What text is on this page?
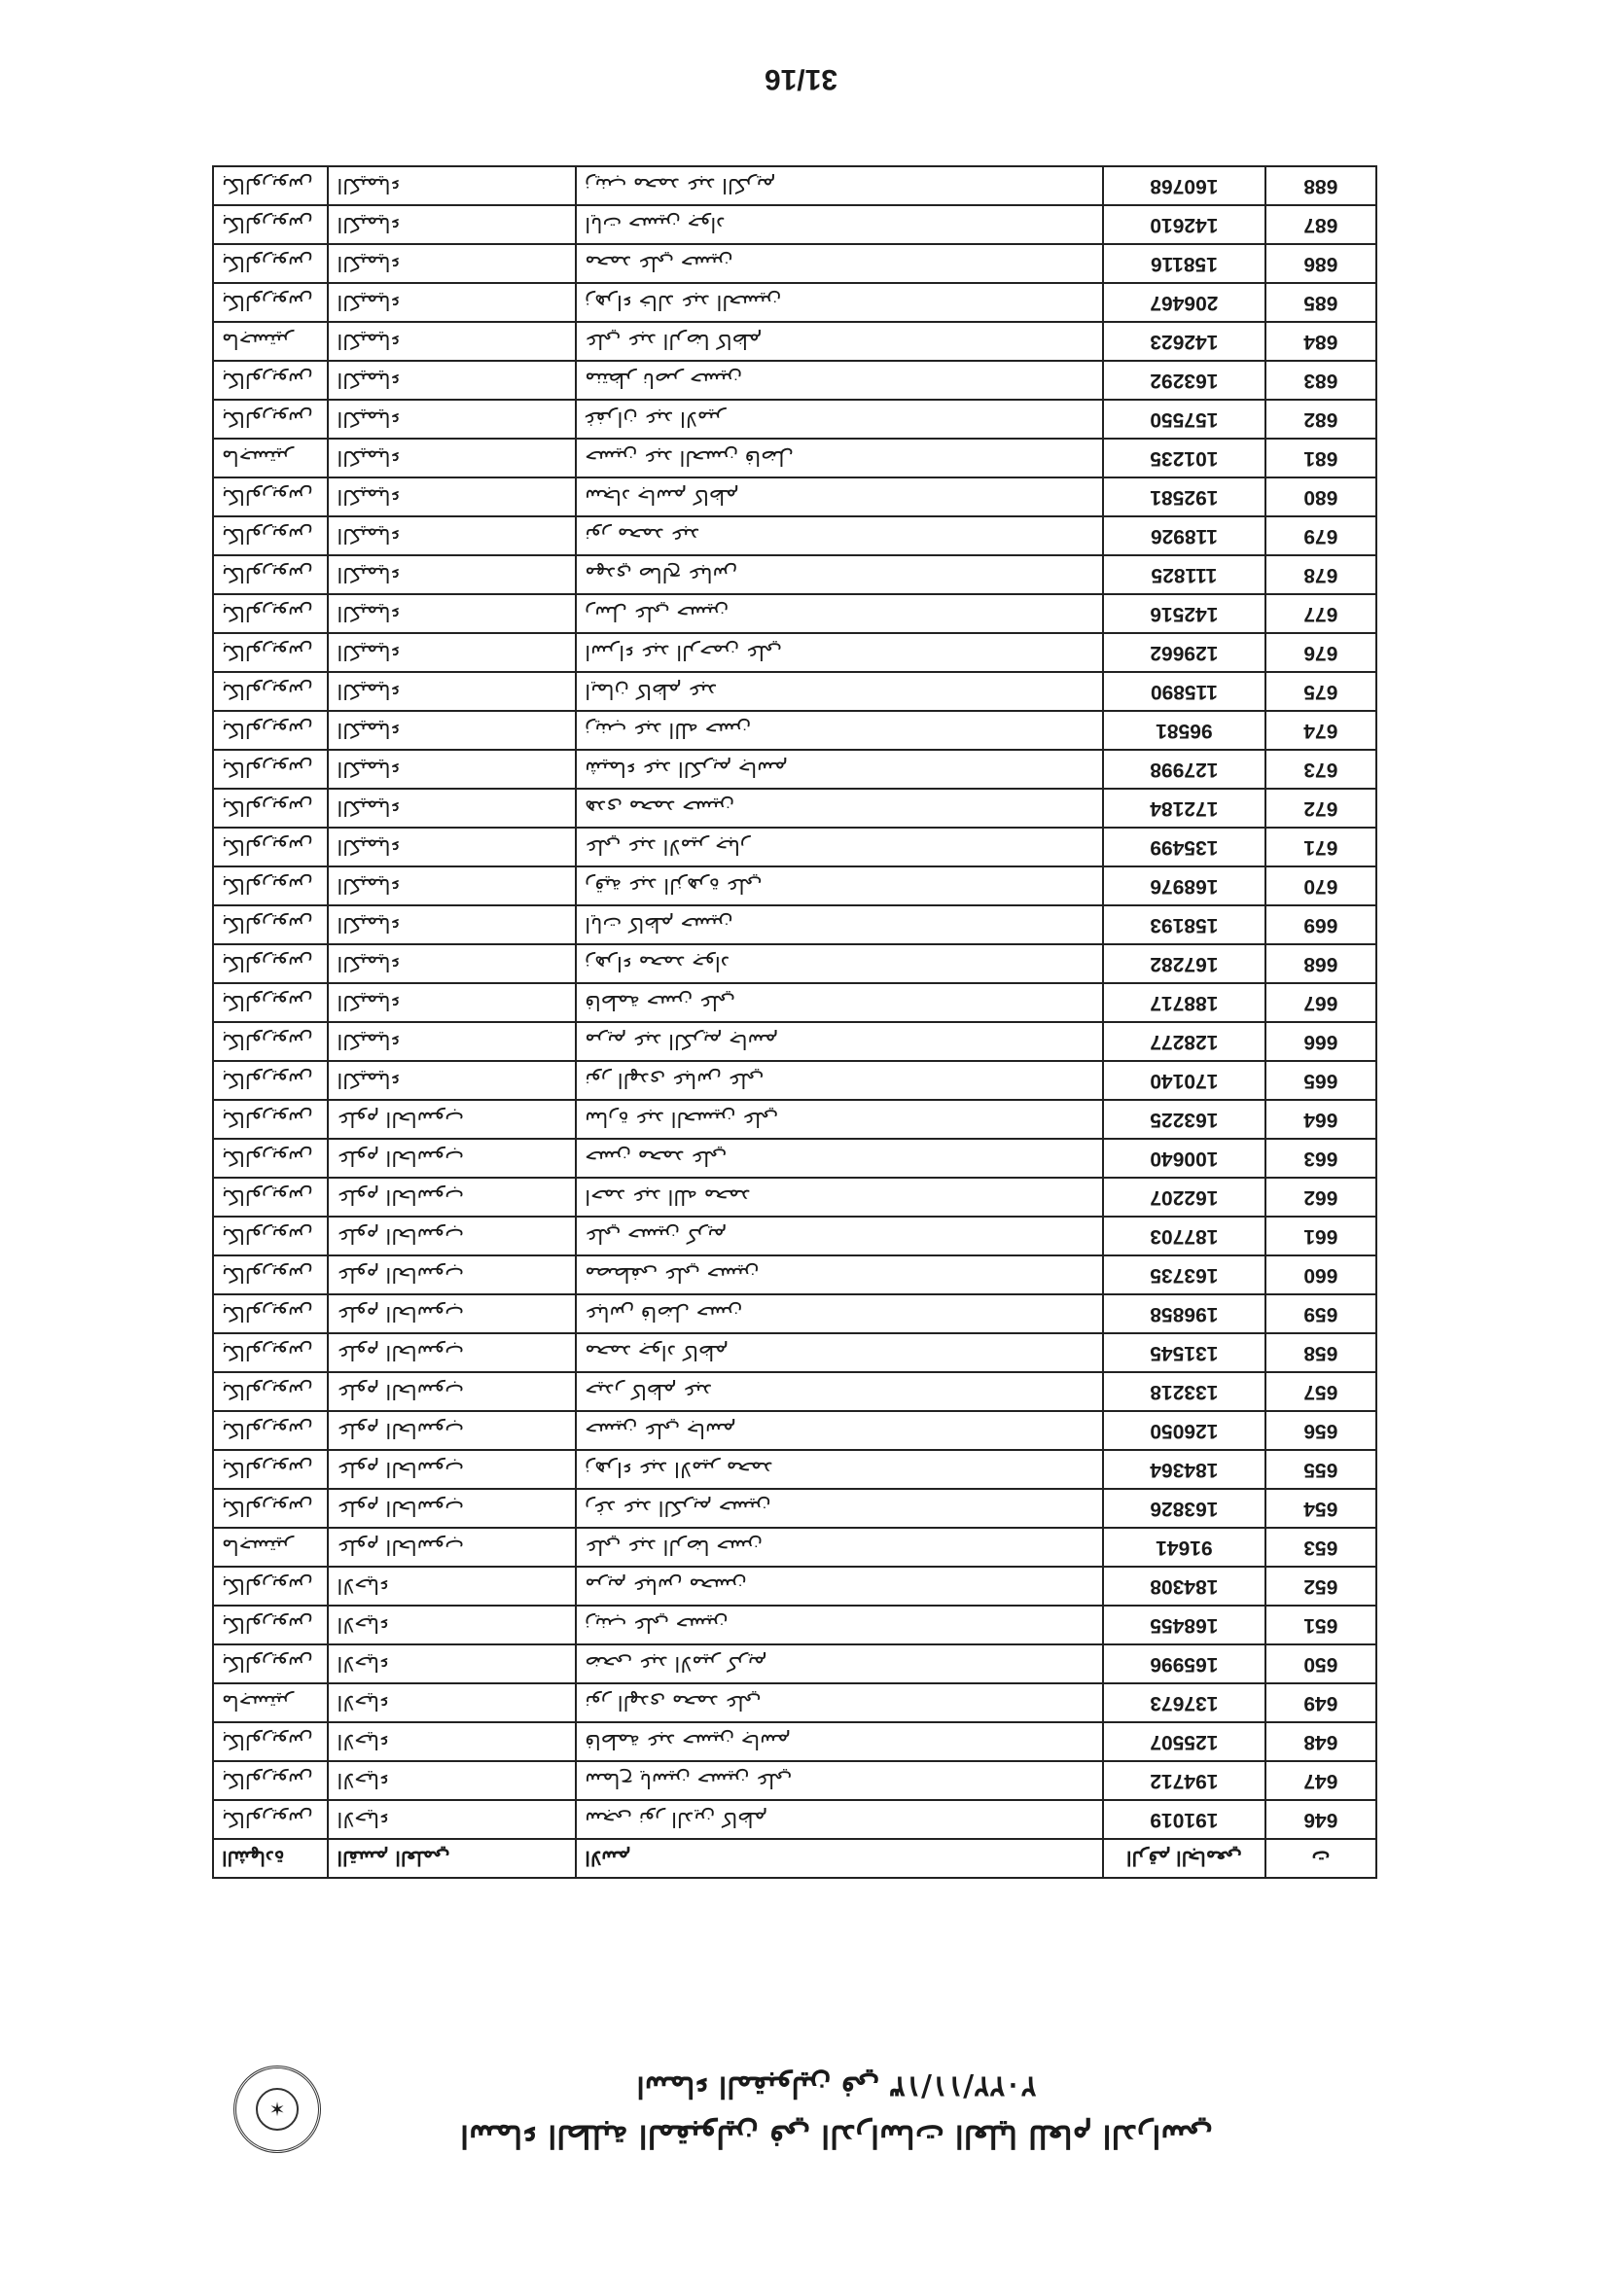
31/16
ت	الرقم الجامعي	الاسم	القسم العلمي	الشهادة
646	191019	سجى نور الدين كاظم	الاحياء	بكالوريوس
647	194712	سماح ياسين حسين علي	الاحياء	بكالوريوس
648	125507	فاطمة عبد حسين جاسم	الاحياء	بكالوريوس
649	137673	نور الهدى محمد علي	الاحياء	ماجستير
650	165996	ضحى عبد الامير كريم	الاحياء	بكالوريوس
651	168455	زينب علي حسين	الاحياء	بكالوريوس
652	184308	مريم عباس محسن	الاحياء	بكالوريوس
653	91641	علي عبد الرضا حسن	علوم الحاسوب	ماجستير
654	163826	رغد عبد الكريم حسين	علوم الحاسوب	بكالوريوس
655	184364	زهراء عبد الامير محمد	علوم الحاسوب	بكالوريوس
656	126050	حسين علي جاسم	علوم الحاسوب	بكالوريوس
657	133218	حيدر كاظم عبد	علوم الحاسوب	بكالوريوس
658	131545	محمد جواد كاظم	علوم الحاسوب	بكالوريوس
659	196858	عباس فاضل حسن	علوم الحاسوب	بكالوريوس
660	163735	مصطفى علي حسين	علوم الحاسوب	بكالوريوس
661	187703	علي حسين كريم	علوم الحاسوب	بكالوريوس
662	162207	احمد عبد الله محمد	علوم الحاسوب	بكالوريوس
663	100640	حسن محمد علي	علوم الحاسوب	بكالوريوس
664	163225	سارة عبد الحسين علي	علوم الحاسوب	بكالوريوس
665	170140	نور الهدى عباس علي	الكيمياء	بكالوريوس
666	128277	مريم عبد الكريم جاسم	الكيمياء	بكالوريوس
667	188717	فاطمة حسن علي	الكيمياء	بكالوريوس
668	167282	زهراء محمد جواد	الكيمياء	بكالوريوس
669	158193	ايات كاظم حسين	الكيمياء	بكالوريوس
670	168976	رقية عبد الزهرة علي	الكيمياء	بكالوريوس
671	135499	علي عبد الامير جبار	الكيمياء	بكالوريوس
672	172184	هدى محمد حسين	الكيمياء	بكالوريوس
673	127998	شيماء عبد الكريم جاسم	الكيمياء	بكالوريوس
674	96581	زينب عبد الله حسن	الكيمياء	بكالوريوس
675	115890	ايمان كاظم عبد	الكيمياء	بكالوريوس
676	129662	اسراء عبد الرحمن علي	الكيمياء	بكالوريوس
677	142516	رسل علي حسين	الكيمياء	بكالوريوس
678	111825	مهدي صالح عباس	الكيمياء	بكالوريوس
679	118926	نور محمد عبد	الكيمياء	بكالوريوس
680	192581	سجاد جاسم كاظم	الكيمياء	بكالوريوس
681	101235	حسين عبد الحسن فاضل	الكيمياء	ماجستير
682	157550	غفران عبد الامير	الكيمياء	بكالوريوس
683	163292	منتظر ناصر حسين	الكيمياء	بكالوريوس
684	142623	علي عبد الرضا كاظم	الكيمياء	ماجستير
685	206467	زهراء خالد عبد الحسين	الكيمياء	بكالوريوس
686	158116	محمد علي حسين	الكيمياء	بكالوريوس
687	142610	ايات حسين جواد	الكيمياء	بكالوريوس
688	160768	زينب محمد عبد الكريم	الكيمياء	بكالوريوس
اسماء المقبولين في ٢٠٢٢/١١/١٣
اسماء الطلبة المقبولين في الدراسات العليا للعام الدراسي
✶
